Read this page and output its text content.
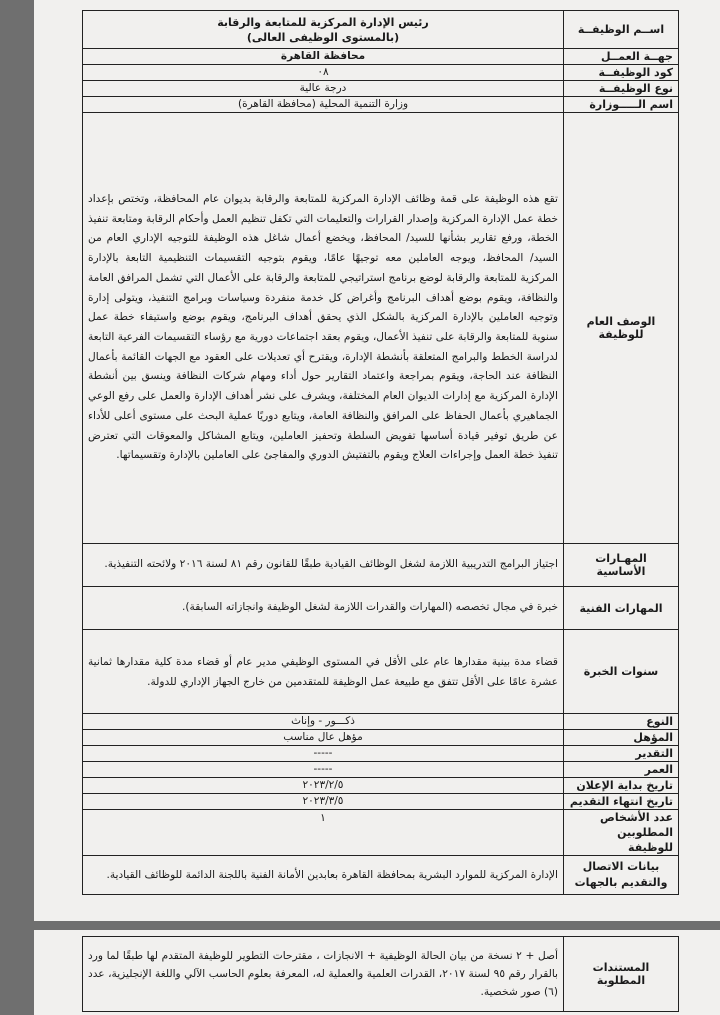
اســم الوظيفــة	رئيس الإدارة المركزية للمتابعة والرقابة
(بالمستوى الوظيفى العالى)

جهــة العمــل	محافظة القاهرة
كود الوظيفــة	٠٨
نوع الوظيفــة	درجة عالية
اسم الـــــوزارة	وزارة التنمية المحلية (محافظة القاهرة)
الوصف العام للوظيفة	تقع هذه الوظيفة على قمة وظائف الإدارة المركزية للمتابعة والرقابة بديوان عام المحافظة، وتختص بإعداد خطة عمل الإدارة المركزية وإصدار القرارات والتعليمات التي تكفل تنظيم العمل وأحكام الرقابة ومتابعة تنفيذ الخطة، ورفع تقارير بشأنها للسيد/ المحافظ، ويخضع أعمال شاغل هذه الوظيفة للتوجيه الإداري العام من السيد/ المحافظ، ويوجه العاملين معه توجيهًا عامًا، ويقوم بتوجيه التقسيمات التنظيمية التابعة بالإدارة المركزية للمتابعة والرقابة لوضع برنامج استراتيجي للمتابعة والرقابة على الأعمال التي تشمل المرافق العامة والنظافة، ويقوم بوضع أهداف البرنامج وأغراض كل خدمة منفردة وسياسات وبرامج التنفيذ، ويتولى إدارة وتوجيه العاملين بالإدارة المركزية بالشكل الذي يحقق أهداف البرنامج، ويقوم بوضع واستيفاء خطة عمل سنوية للمتابعة والرقابة على تنفيذ الأعمال، ويقوم بعقد اجتماعات دورية مع رؤساء التقسيمات الفرعية التابعة لدراسة الخطط والبرامج المتعلقة بأنشطة الإدارة، ويقترح أي تعديلات على العقود مع الجهات القائمة بأعمال النظافة عند الحاجة، ويقوم بمراجعة واعتماد التقارير حول أداء ومهام شركات النظافة وينسق بين أنشطة الإدارة المركزية مع إدارات الديوان العام المختلفة، ويشرف على نشر أهداف الإدارة والعمل على رفع الوعي الجماهيري بأعمال الحفاظ على المرافق والنظافة العامة، ويتابع دوريًا عملية البحث على مستوى أعلى للأداء عن طريق توفير قيادة أساسها تفويض السلطة وتحفيز العاملين، ويتابع المشاكل والمعوقات التي تعترض تنفيذ خطة العمل وإجراءات العلاج ويقوم بالتفتيش الدوري والمفاجئ على العاملين بالإدارة وتقسيماتها.
المهـارات الأساسية	اجتياز البرامج التدريبية اللازمة لشغل الوظائف القيادية طبقًا للقانون رقم ٨١ لسنة ٢٠١٦ ولائحته التنفيذية.
المهارات الفنية	خبرة في مجال تخصصه (المهارات والقدرات اللازمة لشغل الوظيفة وانجازاته السابقة).
سنوات الخبرة	قضاء مدة بينية مقدارها عام على الأقل في المستوى الوظيفي مدير عام أو قضاء مدة كلية مقدارها ثمانية عشرة عامًا على الأقل تتفق مع طبيعة عمل الوظيفة للمتقدمين من خارج الجهاز الإداري للدولة.
النوع	ذكـــور - وإناث
المؤهل	مؤهل عال مناسب
التقدير	-----
العمر	-----
تاريخ بداية الإعلان	٢٠٢٣/٢/٥
تاريخ انتهاء التقديم	٢٠٢٣/٣/٥
عدد الأشخاص المطلوبين للوظيفة	١
بيانات الاتصال والتقديم بالجهات	الإدارة المركزية للموارد البشرية بمحافظة القاهرة بعابدين الأمانة الفنية باللجنة الدائمة للوظائف القيادية.
المستندات المطلوبة	أصل + ٢ نسخة من بيان الحالة الوظيفية + الانجازات ، مقترحات التطوير للوظيفة المتقدم لها طبقًا لما ورد بالقرار رقم ٩٥ لسنة ٢٠١٧، القدرات العلمية والعملية له، المعرفة بعلوم الحاسب الآلي واللغة الإنجليزية، عدد (٦) صور شخصية.
